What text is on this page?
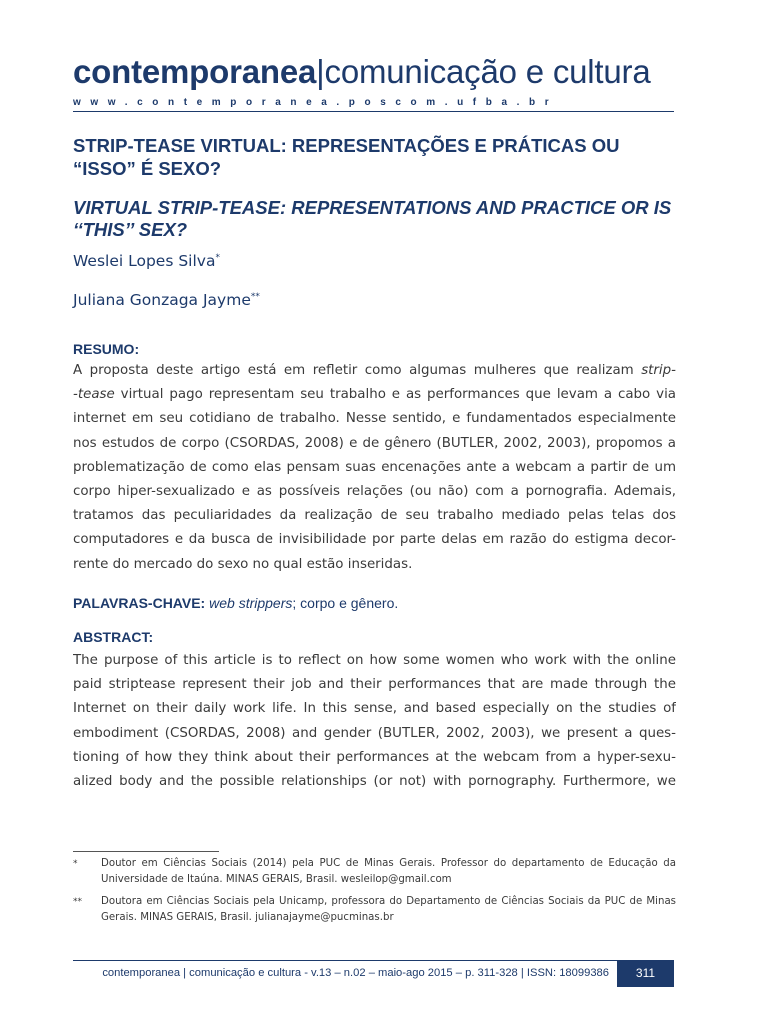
contemporanea|comunicação e cultura
www.contemporanea.poscom.ufba.br
STRIP-TEASE VIRTUAL: REPRESENTAÇÕES E PRÁTICAS OU
“ISSO” É SEXO?
VIRTUAL STRIP-TEASE: REPRESENTATIONS AND PRACTICE OR IS
‘‘THIS’’ SEX?
Weslei Lopes Silva*
Juliana Gonzaga Jayme**
RESUMO:
A proposta deste artigo está em refletir como algumas mulheres que realizam strip-
-tease virtual pago representam seu trabalho e as performances que levam a cabo via
internet em seu cotidiano de trabalho. Nesse sentido, e fundamentados especialmente
nos estudos de corpo (CSORDAS, 2008) e de gênero (BUTLER, 2002, 2003), propomos a
problematização de como elas pensam suas encenações ante a webcam a partir de um
corpo hiper-sexualizado e as possíveis relações (ou não) com a pornografia. Ademais,
tratamos das peculiaridades da realização de seu trabalho mediado pelas telas dos
computadores e da busca de invisibilidade por parte delas em razão do estigma decor-
rente do mercado do sexo no qual estão inseridas.
PALAVRAS-CHAVE: web strippers; corpo e gênero.
ABSTRACT:
The purpose of this article is to reflect on how some women who work with the online
paid striptease represent their job and their performances that are made through the
Internet on their daily work life. In this sense, and based especially on the studies of
embodiment (CSORDAS, 2008) and gender (BUTLER, 2002, 2003), we present a ques-
tioning of how they think about their performances at the webcam from a hyper-sexu-
alized body and the possible relationships (or not) with pornography. Furthermore, we
* Doutor em Ciências Sociais (2014) pela PUC de Minas Gerais. Professor do departamento de Educação da Universidade de Itaúna. MINAS GERAIS, Brasil. wesleilop@gmail.com
** Doutora em Ciências Sociais pela Unicamp, professora do Departamento de Ciências Sociais da PUC de Minas Gerais. MINAS GERAIS, Brasil. julianajayme@pucminas.br
contemporanea | comunicação e cultura - v.13 – n.02 – maio-ago 2015 – p. 311-328 | ISSN: 18099386	311
